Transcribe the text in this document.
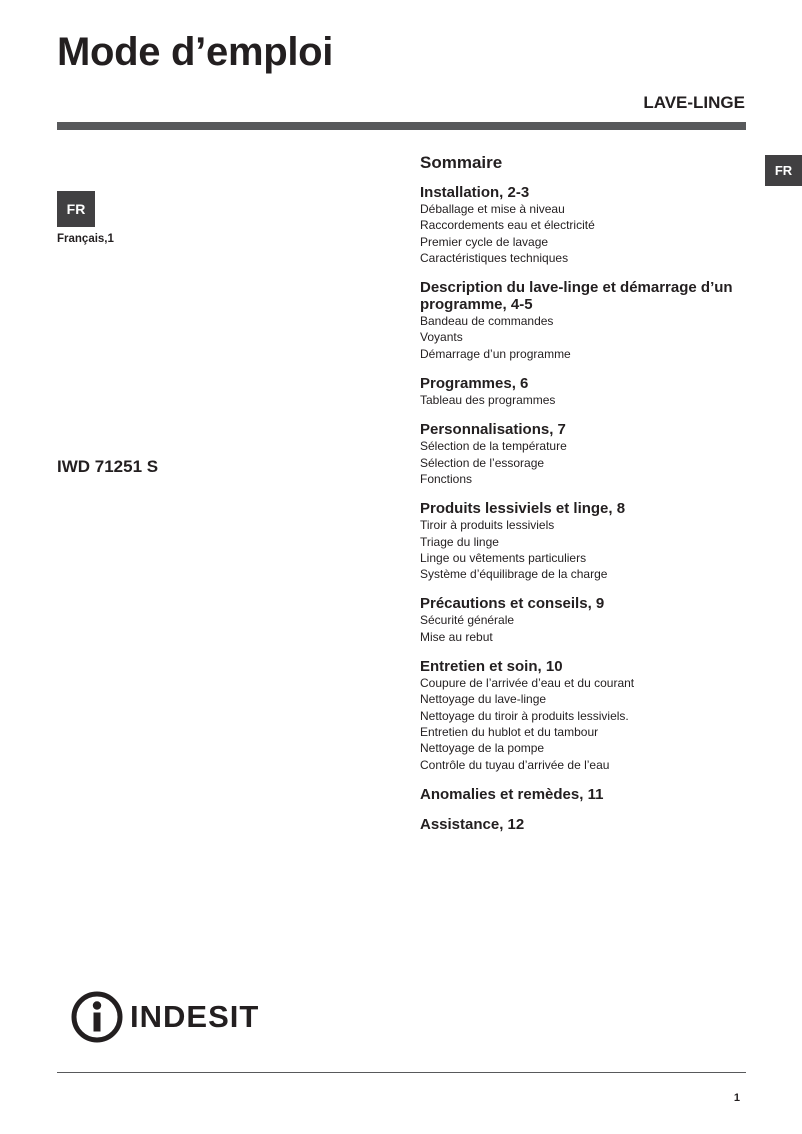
Mode d’emploi
LAVE-LINGE
FR
FR
Français,1
IWD 71251 S
Sommaire
Installation, 2-3
Déballage et mise à niveau
Raccordements eau et électricité
Premier cycle de lavage
Caractéristiques techniques
Description du lave-linge et démarrage d’un programme, 4-5
Bandeau de commandes
Voyants
Démarrage d’un programme
Programmes, 6
Tableau des programmes
Personnalisations, 7
Sélection de la température
Sélection de l’essorage
Fonctions
Produits lessiviels et linge, 8
Tiroir à produits lessiviels
Triage du linge
Linge ou vêtements particuliers
Système d’équilibrage de la charge
Précautions et conseils, 9
Sécurité générale
Mise au rebut
Entretien et soin, 10
Coupure de l’arrivée d’eau et du courant
Nettoyage du lave-linge
Nettoyage du tiroir à produits lessiviels.
Entretien du hublot et du tambour
Nettoyage de la pompe
Contrôle du tuyau d’arrivée de l’eau
Anomalies et remèdes, 11
Assistance, 12
INDESIT
1
